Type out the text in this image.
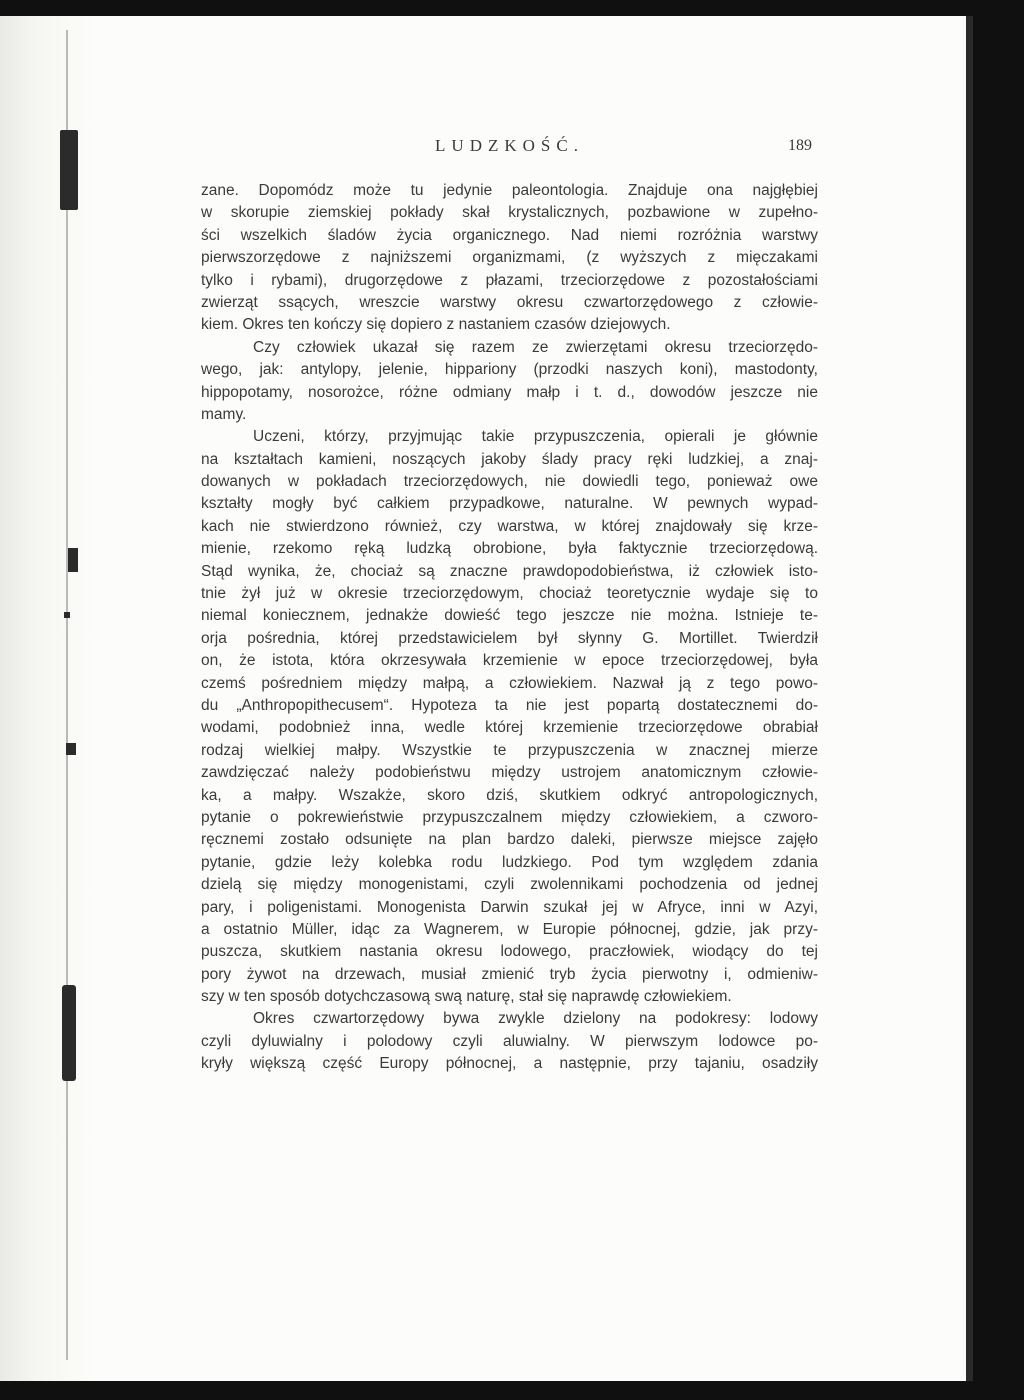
LUDZKOŚĆ.	189
zane. Dopomódz może tu jedynie paleontologia. Znajduje ona najgłębiej
w skorupie ziemskiej pokłady skał krystalicznych, pozbawione w zupełno-
ści wszelkich śladów życia organicznego. Nad niemi rozróżnia warstwy
pierwszorzędowe z najniższemi organizmami, (z wyższych z mięczakami
tylko i rybami), drugorzędowe z płazami, trzeciorzędowe z pozostałościami
zwierząt ssących, wreszcie warstwy okresu czwartorzędowego z człowie-
kiem. Okres ten kończy się dopiero z nastaniem czasów dziejowych.
Czy człowiek ukazał się razem ze zwierzętami okresu trzeciorzędo-
wego, jak: antylopy, jelenie, hippariony (przodki naszych koni), mastodonty,
hippopotamy, nosorożce, różne odmiany małp i t. d., dowodów jeszcze nie
mamy.
Uczeni, którzy, przyjmując takie przypuszczenia, opierali je głównie
na kształtach kamieni, noszących jakoby ślady pracy ręki ludzkiej, a znaj-
dowanych w pokładach trzeciorzędowych, nie dowiedli tego, ponieważ owe
kształty mogły być całkiem przypadkowe, naturalne. W pewnych wypad-
kach nie stwierdzono również, czy warstwa, w której znajdowały się krze-
mienie, rzekomo ręką ludzką obrobione, była faktycznie trzeciorzędową.
Stąd wynika, że, chociaż są znaczne prawdopodobieństwa, iż człowiek isto-
tnie żył już w okresie trzeciorzędowym, chociaż teoretycznie wydaje się to
niemal koniecznem, jednakże dowieść tego jeszcze nie można. Istnieje te-
orja pośrednia, której przedstawicielem był słynny G. Mortillet. Twierdził
on, że istota, która okrzesywała krzemienie w epoce trzeciorzędowej, była
czemś pośredniem między małpą, a człowiekiem. Nazwał ją z tego powo-
du „Anthropopithecusem“. Hypoteza ta nie jest popartą dostatecznemi do-
wodami, podobnież inna, wedle której krzemienie trzeciorzędowe obrabiał
rodzaj wielkiej małpy. Wszystkie te przypuszczenia w znacznej mierze
zawdzięczać należy podobieństwu między ustrojem anatomicznym człowie-
ka, a małpy. Wszakże, skoro dziś, skutkiem odkryć antropologicznych,
pytanie o pokrewieństwie przypuszczalnem między człowiekiem, a czworo-
ręcznemi zostało odsunięte na plan bardzo daleki, pierwsze miejsce zajęło
pytanie, gdzie leży kolebka rodu ludzkiego. Pod tym względem zdania
dzielą się między monogenistami, czyli zwolennikami pochodzenia od jednej
pary, i poligenistami. Monogenista Darwin szukał jej w Afryce, inni w Azyi,
a ostatnio Müller, idąc za Wagnerem, w Europie północnej, gdzie, jak przy-
puszcza, skutkiem nastania okresu lodowego, praczłowiek, wiodący do tej
pory żywot na drzewach, musiał zmienić tryb życia pierwotny i, odmieniw-
szy w ten sposób dotychczasową swą naturę, stał się naprawdę człowiekiem.
Okres czwartorzędowy bywa zwykle dzielony na podokresy: lodowy
czyli dyluwialny i polodowy czyli aluwialny. W pierwszym lodowce po-
kryły większą część Europy północnej, a następnie, przy tajaniu, osadziły
